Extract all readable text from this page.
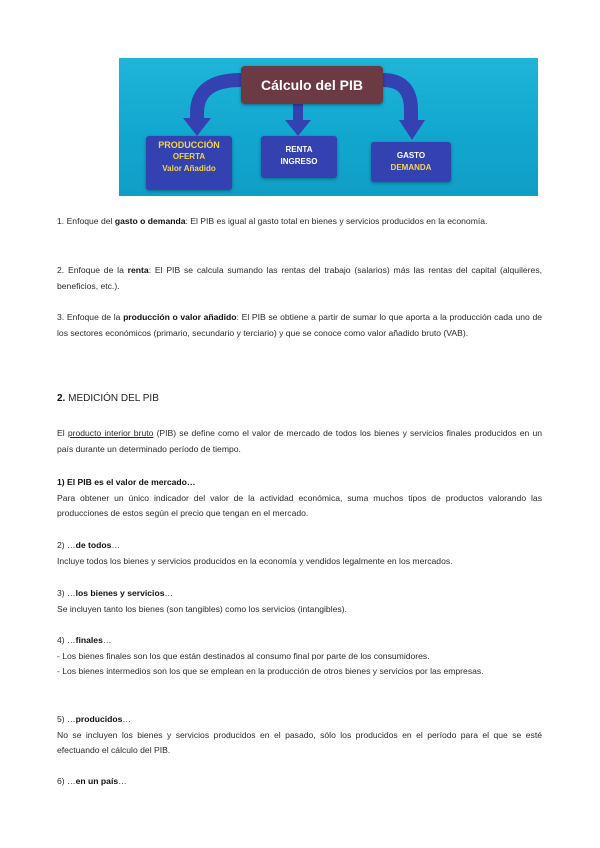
Cálculo del PIB
PRODUCCIÓN
OFERTA
Valor Añadido
RENTA
INGRESO
GASTO
DEMANDA
1. Enfoque del gasto o demanda: El PIB es igual al gasto total en bienes y servicios producidos en la economía.
2. Enfoque de la renta: El PIB se calcula sumando las rentas del trabajo (salarios) más las rentas del capital (alquileres, beneficios, etc.).
3. Enfoque de la producción o valor añadido: El PIB se obtiene a partir de sumar lo que aporta a la producción cada uno de los sectores económicos (primario, secundario y terciario) y que se conoce como valor añadido bruto (VAB).
2. MEDICIÓN DEL PIB
El producto interior bruto (PIB) se define como el valor de mercado de todos los bienes y servicios finales producidos en un país durante un determinado período de tiempo.

1) El PIB es el valor de mercado…

Para obtener un único indicador del valor de la actividad económica, suma muchos tipos de productos valorando las producciones de estos según el precio que tengan en el mercado.

2) …de todos…

Incluye todos los bienes y servicios producidos en la economía y vendidos legalmente en los mercados.

3) …los bienes y servicios…

Se incluyen tanto los bienes (son tangibles) como los servicios (intangibles).

4) …finales…

- Los bienes finales son los que están destinados al consumo final por parte de los consumidores.

- Los bienes intermedios son los que se emplean en la producción de otros bienes y servicios por las empresas.

5) …producidos…

No se incluyen los bienes y servicios producidos en el pasado, sólo los producidos en el período para el que se esté efectuando el cálculo del PIB.

6) …en un país…
